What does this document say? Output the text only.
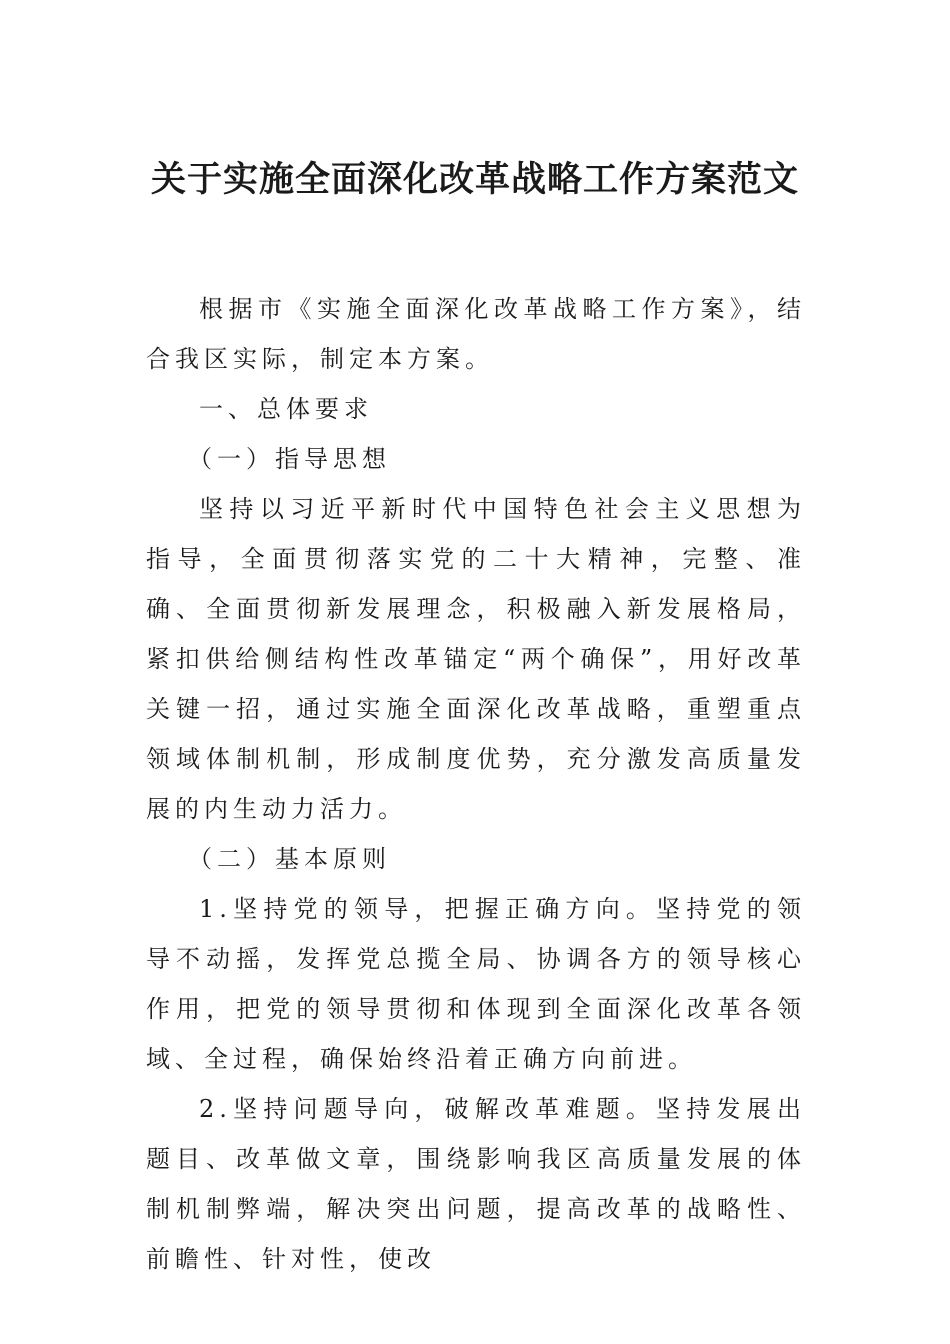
关于实施全面深化改革战略工作方案范文

根据市《实施全面深化改革战略工作方案》，结合我区实际，制定本方案。

一、总体要求

（一）指导思想

坚持以习近平新时代中国特色社会主义思想为指导，全面贯彻落实党的二十大精神，完整、准确、全面贯彻新发展理念，积极融入新发展格局，紧扣供给侧结构性改革锚定“两个确保”，用好改革关键一招，通过实施全面深化改革战略，重塑重点领域体制机制，形成制度优势，充分激发高质量发展的内生动力活力。

（二）基本原则

1.坚持党的领导，把握正确方向。坚持党的领导不动摇，发挥党总揽全局、协调各方的领导核心作用，把党的领导贯彻和体现到全面深化改革各领域、全过程，确保始终沿着正确方向前进。

2.坚持问题导向，破解改革难题。坚持发展出题目、改革做文章，围绕影响我区高质量发展的体制机制弊端，解决突出问题，提高改革的战略性、前瞻性、针对性，使改
